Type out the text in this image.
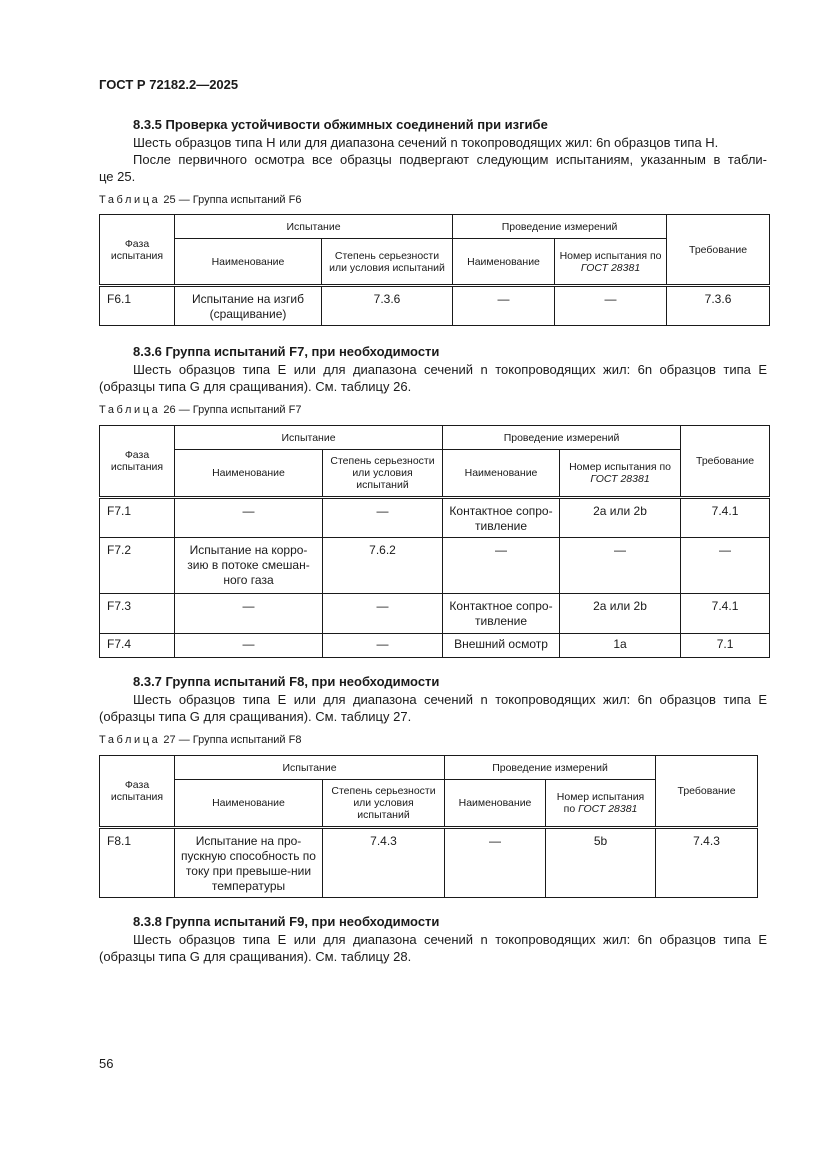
ГОСТ Р 72182.2—2025
8.3.5 Проверка устойчивости обжимных соединений при изгибе
Шесть образцов типа Н или для диапазона сечений n токопроводящих жил: 6n образцов типа Н.
После первичного осмотра все образцы подвергают следующим испытаниям, указанным в табли-
це 25.
Таблица 25 — Группа испытаний F6
Фаза испытания	Испытание		Проведение измерений		Требование
	Наименование	Степень серьезности или условия испытаний	Наименование	Номер испытания по ГОСТ 28381	
F6.1	Испытание на изгиб (сращивание)	7.3.6	—	—	7.3.6
8.3.6 Группа испытаний F7, при необходимости
Шесть образцов типа Е или для диапазона сечений n токопроводящих жил: 6n образцов типа Е
(образцы типа G для сращивания). См. таблицу 26.
Таблица 26 — Группа испытаний F7
Фаза испытания	Испытание		Проведение измерений		Требование
	Наименование	Степень серьезности или условия испытаний	Наименование	Номер испытания по ГОСТ 28381	
F7.1	—	—	Контактное сопро-тивление	2a или 2b	7.4.1
F7.2	Испытание на корро-зию в потоке смешан-ного газа	7.6.2	—	—	—
F7.3	—	—	Контактное сопро-тивление	2a или 2b	7.4.1
F7.4	—	—	Внешний осмотр	1a	7.1
8.3.7 Группа испытаний F8, при необходимости
Шесть образцов типа Е или для диапазона сечений n токопроводящих жил: 6n образцов типа Е
(образцы типа G для сращивания). См. таблицу 27.
Таблица 27 — Группа испытаний F8
Фаза испытания	Испытание		Проведение измерений		Требование
	Наименование	Степень серьезности или условия испытаний	Наименование	Номер испытания по ГОСТ 28381	
F8.1	Испытание на про-пускную способность по току при превыше-нии температуры	7.4.3	—	5b	7.4.3
8.3.8 Группа испытаний F9, при необходимости
Шесть образцов типа Е или для диапазона сечений n токопроводящих жил: 6n образцов типа Е
(образцы типа G для сращивания). См. таблицу 28.
56
